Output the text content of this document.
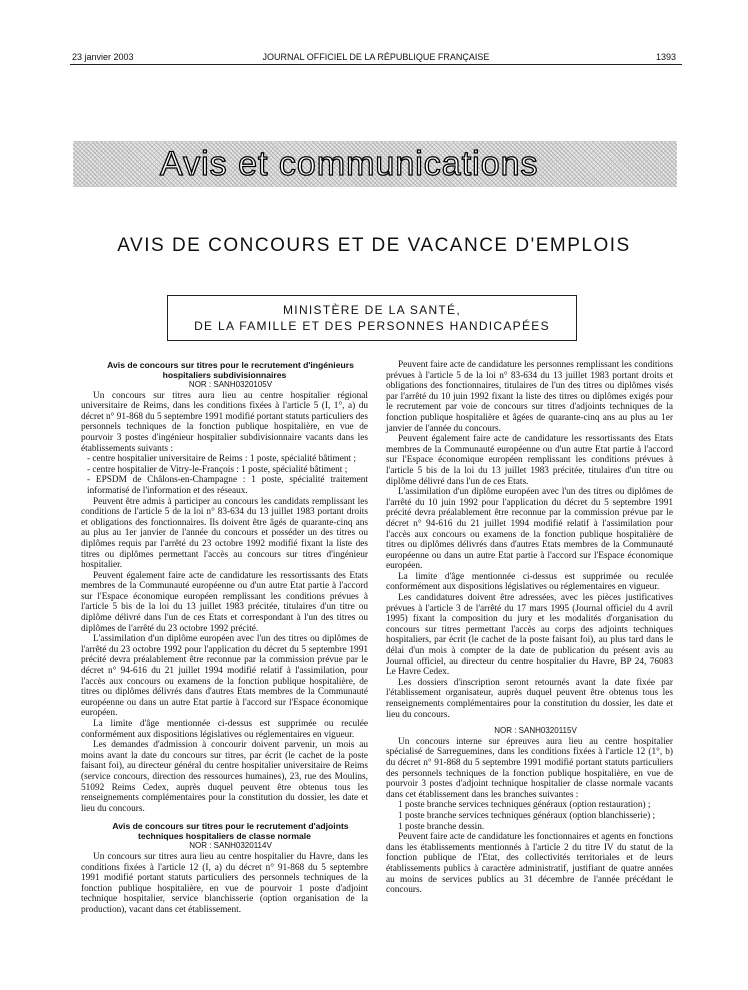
23 janvier 2003	JOURNAL OFFICIEL DE LA RÉPUBLIQUE FRANÇAISE	1393
Avis et communications
AVIS DE CONCOURS ET DE VACANCE D'EMPLOIS
MINISTÈRE DE LA SANTÉ,
DE LA FAMILLE ET DES PERSONNES HANDICAPÉES

Avis de concours sur titres pour le recrutement d'ingénieurs hospitaliers subdivisionnaires

NOR : SANH0320105V

Un concours sur titres aura lieu au centre hospitalier régional universitaire de Reims, dans les conditions fixées à l'article 5 (I, 1°, a) du décret n° 91-868 du 5 septembre 1991 modifié portant statuts particuliers des personnels techniques de la fonction publique hospitalière, en vue de pourvoir 3 postes d'ingénieur hospitalier subdivisionnaire vacants dans les établissements suivants :

- centre hospitalier universitaire de Reims : 1 poste, spécialité bâtiment ;

- centre hospitalier de Vitry-le-François : 1 poste, spécialité bâtiment ;

- EPSDM de Châlons-en-Champagne : 1 poste, spécialité traitement informatisé de l'information et des réseaux.

Peuvent être admis à participer au concours les candidats remplissant les conditions de l'article 5 de la loi n° 83-634 du 13 juillet 1983 portant droits et obligations des fonctionnaires. Ils doivent être âgés de quarante-cinq ans au plus au 1er janvier de l'année du concours et posséder un des titres ou diplômes requis par l'arrêté du 23 octobre 1992 modifié fixant la liste des titres ou diplômes permettant l'accès au concours sur titres d'ingénieur hospitalier.

Peuvent également faire acte de candidature les ressortissants des Etats membres de la Communauté européenne ou d'un autre Etat partie à l'accord sur l'Espace économique européen remplissant les conditions prévues à l'article 5 bis de la loi du 13 juillet 1983 précitée, titulaires d'un titre ou diplôme délivré dans l'un de ces Etats et correspondant à l'un des titres ou diplômes de l'arrêté du 23 octobre 1992 précité.

L'assimilation d'un diplôme européen avec l'un des titres ou diplômes de l'arrêté du 23 octobre 1992 pour l'application du décret du 5 septembre 1991 précité devra préalablement être reconnue par la commission prévue par le décret n° 94-616 du 21 juillet 1994 modifié relatif à l'assimilation, pour l'accès aux concours ou examens de la fonction publique hospitalière, de titres ou diplômes délivrés dans d'autres Etats membres de la Communauté européenne ou dans un autre Etat partie à l'accord sur l'Espace économique européen.

La limite d'âge mentionnée ci-dessus est supprimée ou reculée conformément aux dispositions législatives ou réglementaires en vigueur.

Les demandes d'admission à concourir doivent parvenir, un mois au moins avant la date du concours sur titres, par écrit (le cachet de la poste faisant foi), au directeur général du centre hospitalier universitaire de Reims (service concours, direction des ressources humaines), 23, rue des Moulins, 51092 Reims Cedex, auprès duquel peuvent être obtenus tous les renseignements complémentaires pour la constitution du dossier, les date et lieu du concours.

Avis de concours sur titres pour le recrutement d'adjoints techniques hospitaliers de classe normale

NOR : SANH0320114V

Un concours sur titres aura lieu au centre hospitalier du Havre, dans les conditions fixées à l'article 12 (I, a) du décret n° 91-868 du 5 septembre 1991 modifié portant statuts particuliers des personnels techniques de la fonction publique hospitalière, en vue de pourvoir 1 poste d'adjoint technique hospitalier, service blanchisserie (option organisation de la production), vacant dans cet établissement.

Peuvent faire acte de candidature les personnes remplissant les conditions prévues à l'article 5 de la loi n° 83-634 du 13 juillet 1983 portant droits et obligations des fonctionnaires, titulaires de l'un des titres ou diplômes visés par l'arrêté du 10 juin 1992 fixant la liste des titres ou diplômes exigés pour le recrutement par voie de concours sur titres d'adjoints techniques de la fonction publique hospitalière et âgées de quarante-cinq ans au plus au 1er janvier de l'année du concours.

Peuvent également faire acte de candidature les ressortissants des Etats membres de la Communauté européenne ou d'un autre Etat partie à l'accord sur l'Espace économique européen remplissant les conditions prévues à l'article 5 bis de la loi du 13 juillet 1983 précitée, titulaires d'un titre ou diplôme délivré dans l'un de ces Etats.

L'assimilation d'un diplôme européen avec l'un des titres ou diplômes de l'arrêté du 10 juin 1992 pour l'application du décret du 5 septembre 1991 précité devra préalablement être reconnue par la commission prévue par le décret n° 94-616 du 21 juillet 1994 modifié relatif à l'assimilation pour l'accès aux concours ou examens de la fonction publique hospitalière de titres ou diplômes délivrés dans d'autres Etats membres de la Communauté européenne ou dans un autre Etat partie à l'accord sur l'Espace économique européen.

La limite d'âge mentionnée ci-dessus est supprimée ou reculée conformément aux dispositions législatives ou réglementaires en vigueur.

Les candidatures doivent être adressées, avec les pièces justificatives prévues à l'article 3 de l'arrêté du 17 mars 1995 (Journal officiel du 4 avril 1995) fixant la composition du jury et les modalités d'organisation du concours sur titres permettant l'accès au corps des adjoints techniques hospitaliers, par écrit (le cachet de la poste faisant foi), au plus tard dans le délai d'un mois à compter de la date de publication du présent avis au Journal officiel, au directeur du centre hospitalier du Havre, BP 24, 76083 Le Havre Cedex.

Les dossiers d'inscription seront retournés avant la date fixée par l'établissement organisateur, auprès duquel peuvent être obtenus tous les renseignements complémentaires pour la constitution du dossier, les date et lieu du concours.

NOR : SANH0320115V

Un concours interne sur épreuves aura lieu au centre hospitalier spécialisé de Sarreguemines, dans les conditions fixées à l'article 12 (1°, b) du décret n° 91-868 du 5 septembre 1991 modifié portant statuts particuliers des personnels techniques de la fonction publique hospitalière, en vue de pourvoir 3 postes d'adjoint technique hospitalier de classe normale vacants dans cet établissement dans les branches suivantes :

1 poste branche services techniques généraux (option restauration) ;

1 poste branche services techniques généraux (option blanchisserie) ;

1 poste branche dessin.

Peuvent faire acte de candidature les fonctionnaires et agents en fonctions dans les établissements mentionnés à l'article 2 du titre IV du statut de la fonction publique de l'Etat, des collectivités territoriales et de leurs établissements publics à caractère administratif, justifiant de quatre années au moins de services publics au 31 décembre de l'année précédant le concours.
